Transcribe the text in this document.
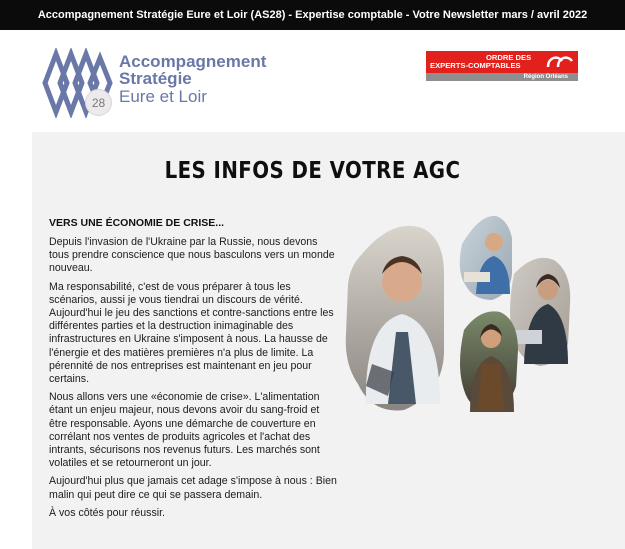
Accompagnement Stratégie Eure et Loir (AS28) - Expertise comptable - Votre Newsletter mars / avril 2022
28
Accompagnement
Stratégie
Eure et Loir
ORDRE DES
EXPERTS-COMPTABLES
Région Orléans
LES INFOS DE VOTRE AGC
VERS UNE ÉCONOMIE DE CRISE...

Depuis l'invasion de l'Ukraine par la Russie, nous devons tous prendre conscience que nous basculons vers un monde nouveau.

Ma responsabilité, c'est de vous préparer à tous les scénarios, aussi je vous tiendrai un discours de vérité. Aujourd'hui le jeu des sanctions et contre-sanctions entre les différentes parties et la destruction inimaginable des infrastructures en Ukraine s'imposent à nous. La hausse de l'énergie et des matières premières n'a plus de limite. La pérennité de nos entreprises est maintenant en jeu pour certains.

Nous allons vers une «économie de crise». L'alimentation étant un enjeu majeur, nous devons avoir du sang-froid et être responsable. Ayons une démarche de couverture en corrélant nos ventes de produits agricoles et l'achat des intrants, sécurisons nos revenus futurs. Les marchés sont volatiles et se retourneront un jour.

Aujourd'hui plus que jamais cet adage s'impose à nous : Bien malin qui peut dire ce qui se passera demain.

À vos côtés pour réussir.
